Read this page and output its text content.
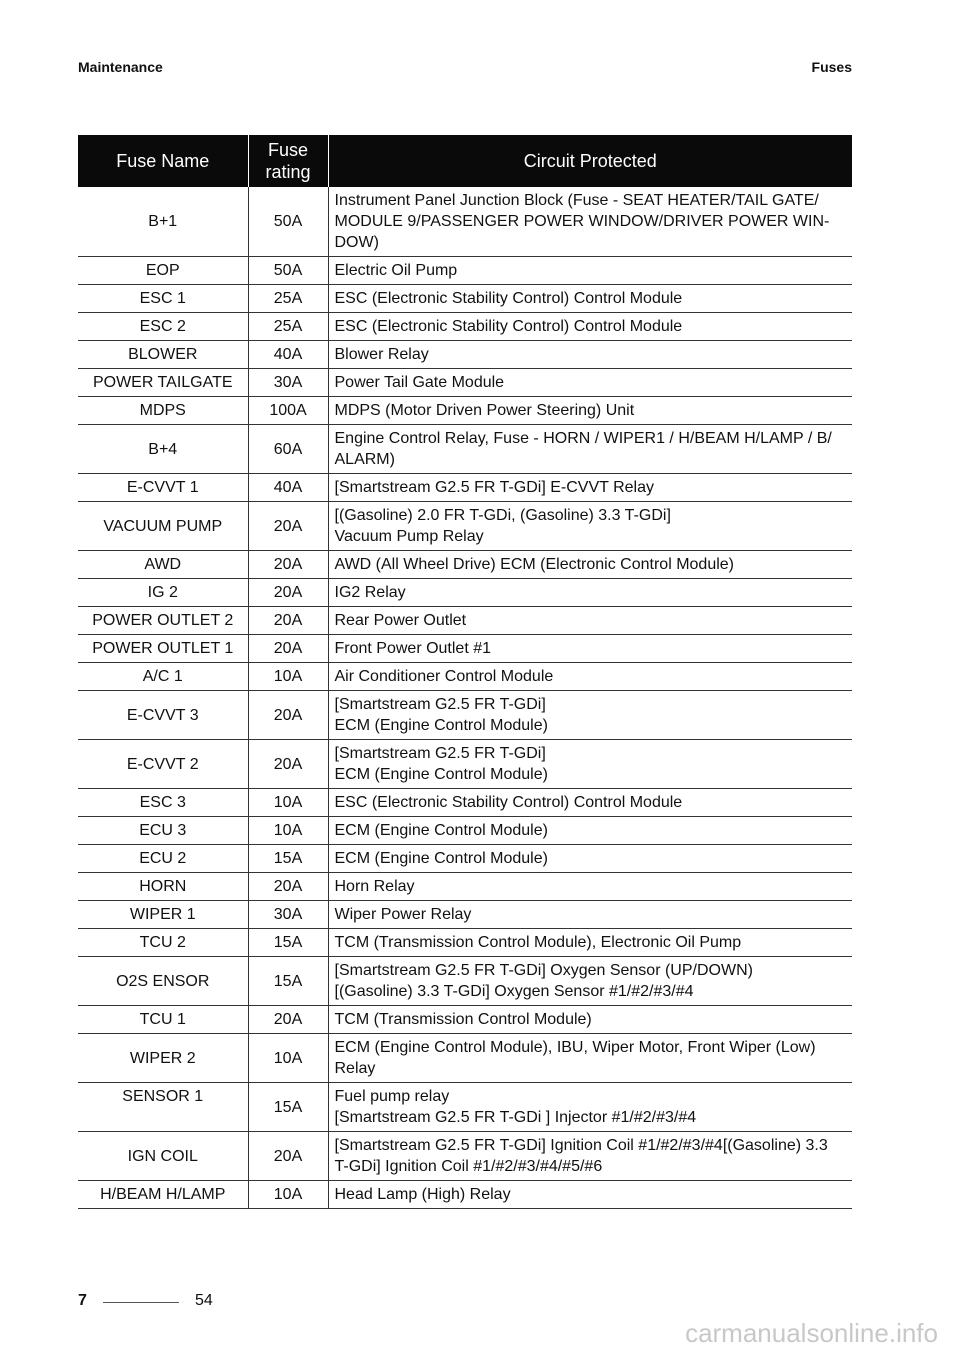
Maintenance	Fuses
Fuse Name	Fuse rating	Circuit Protected
B+1	50A	Instrument Panel Junction Block (Fuse - SEAT HEATER/TAIL GATE/ MODULE 9/PASSENGER POWER WINDOW/DRIVER POWER WIN- DOW)
EOP	50A	Electric Oil Pump
ESC 1	25A	ESC (Electronic Stability Control) Control Module
ESC 2	25A	ESC (Electronic Stability Control) Control Module
BLOWER	40A	Blower Relay
POWER TAILGATE	30A	Power Tail Gate Module
MDPS	100A	MDPS (Motor Driven Power Steering) Unit
B+4	60A	Engine Control Relay, Fuse - HORN / WIPER1 / H/BEAM H/LAMP / B/ ALARM)
E-CVVT 1	40A	[Smartstream G2.5 FR T-GDi] E-CVVT Relay
VACUUM PUMP	20A	[(Gasoline) 2.0 FR T-GDi, (Gasoline) 3.3 T-GDi]
Vacuum Pump Relay
AWD	20A	AWD (All Wheel Drive) ECM (Electronic Control Module)
IG 2	20A	IG2 Relay
POWER OUTLET 2	20A	Rear Power Outlet
POWER OUTLET 1	20A	Front Power Outlet #1
A/C 1	10A	Air Conditioner Control Module
E-CVVT 3	20A	[Smartstream G2.5 FR T-GDi]
ECM (Engine Control Module)
E-CVVT 2	20A	[Smartstream G2.5 FR T-GDi]
ECM (Engine Control Module)
ESC 3	10A	ESC (Electronic Stability Control) Control Module
ECU 3	10A	ECM (Engine Control Module)
ECU 2	15A	ECM (Engine Control Module)
HORN	20A	Horn Relay
WIPER 1	30A	Wiper Power Relay
TCU 2	15A	TCM (Transmission Control Module), Electronic Oil Pump
O2S ENSOR	15A	[Smartstream G2.5 FR T-GDi] Oxygen Sensor (UP/DOWN)
[(Gasoline) 3.3 T-GDi] Oxygen Sensor #1/#2/#3/#4
TCU 1	20A	TCM (Transmission Control Module)
WIPER 2	10A	ECM (Engine Control Module), IBU, Wiper Motor, Front Wiper (Low) Relay
SENSOR 1	15A	Fuel pump relay
[Smartstream G2.5 FR T-GDi ] Injector #1/#2/#3/#4
IGN COIL	20A	[Smartstream G2.5 FR T-GDi] Ignition Coil #1/#2/#3/#4[(Gasoline) 3.3 T-GDi] Ignition Coil #1/#2/#3/#4/#5/#6
H/BEAM H/LAMP	10A	Head Lamp (High) Relay
7	54
carmanualsonline.info
